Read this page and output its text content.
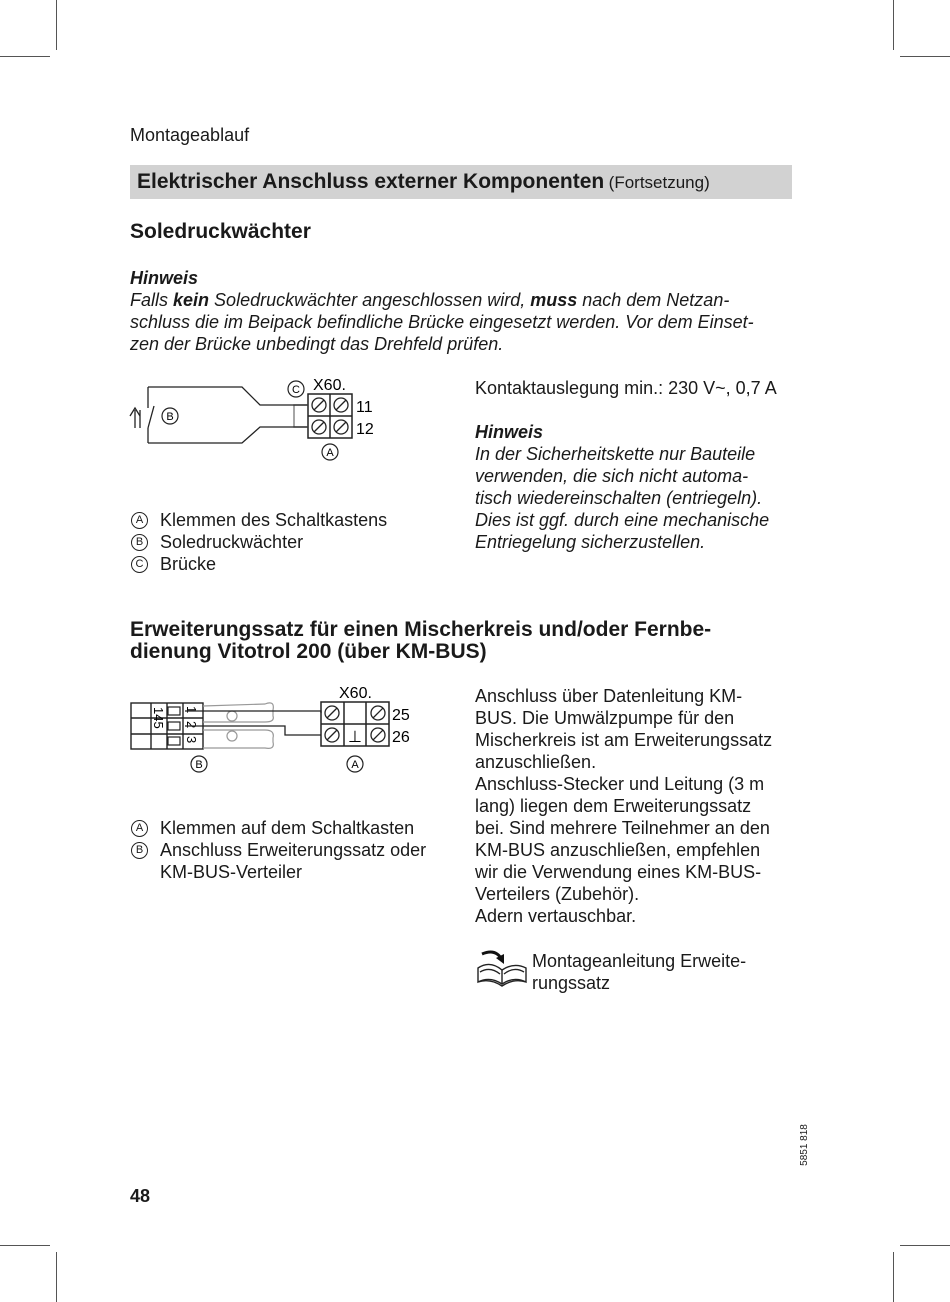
Montageablauf
Elektrischer Anschluss externer Komponenten (Fortsetzung)
Soledruckwächter
Hinweis
Falls kein Soledruckwächter angeschlossen wird, muss nach dem Netzan-
schluss die im Beipack befindliche Brücke eingesetzt werden. Vor dem Einset-
zen der Brücke unbedingt das Drehfeld prüfen.
C X60.
11
12
B
A
A Klemmen des Schaltkastens
B Soledruckwächter
C Brücke
Kontaktauslegung min.: 230 V~, 0,7 A
Hinweis
In der Sicherheitskette nur Bauteile
verwenden, die sich nicht automa-
tisch wiedereinschalten (entriegeln).
Dies ist ggf. durch eine mechanische
Entriegelung sicherzustellen.
Erweiterungssatz für einen Mischerkreis und/oder Fernbe-
dienung Vitotrol 200 (über KM-BUS)
145 1
2
3
X60.
⊥
25
26
B	A
A Klemmen auf dem Schaltkasten
B Anschluss Erweiterungssatz oder
KM-BUS-Verteiler
Anschluss über Datenleitung KM-
BUS. Die Umwälzpumpe für den
Mischerkreis ist am Erweiterungssatz
anzuschließen.
Anschluss-Stecker und Leitung (3 m
lang) liegen dem Erweiterungssatz
bei. Sind mehrere Teilnehmer an den
KM-BUS anzuschließen, empfehlen
wir die Verwendung eines KM-BUS-
Verteilers (Zubehör).
Adern vertauschbar.
Montageanleitung Erweite-
rungssatz
48
5851 818
